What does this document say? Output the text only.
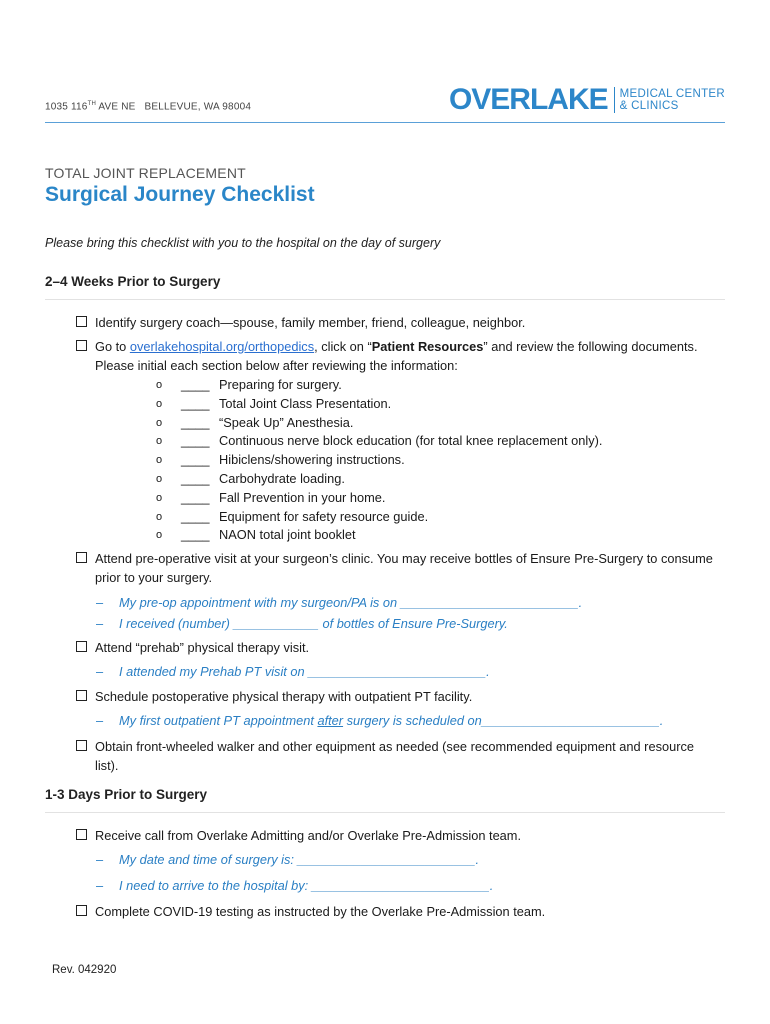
1035 116TH AVE NE   BELLEVUE, WA 98004	OVERLAKE MEDICAL CENTER
& CLINICS
TOTAL JOINT REPLACEMENT
Surgical Journey Checklist
Please bring this checklist with you to the hospital on the day of surgery
2–4 Weeks Prior to Surgery
Identify surgery coach—spouse, family member, friend, colleague, neighbor.
Go to overlakehospital.org/orthopedics, click on “Patient Resources” and review the following documents. Please initial each section below after reviewing the information:
o	____ Preparing for surgery.
o	____ Total Joint Class Presentation.
o	____ “Speak Up” Anesthesia.
o	____ Continuous nerve block education (for total knee replacement only).
o	____ Hibiclens/showering instructions.
o	____ Carbohydrate loading.
o	____ Fall Prevention in your home.
o	____ Equipment for safety resource guide.
o	____ NAON total joint booklet
Attend pre-operative visit at your surgeon’s clinic. You may receive bottles of Ensure Pre-Surgery to consume prior to your surgery.
– My pre-op appointment with my surgeon/PA is on _________________________.
– I received (number) ____________ of bottles of Ensure Pre-Surgery.
Attend “prehab” physical therapy visit.
– I attended my Prehab PT visit on _________________________.
Schedule postoperative physical therapy with outpatient PT facility.
– My first outpatient PT appointment after surgery is scheduled on_________________________.
Obtain front-wheeled walker and other equipment as needed (see recommended equipment and resource list).
1-3 Days Prior to Surgery
Receive call from Overlake Admitting and/or Overlake Pre-Admission team.
– My date and time of surgery is: _________________________.
– I need to arrive to the hospital by: _________________________.
Complete COVID-19 testing as instructed by the Overlake Pre-Admission team.
Rev. 042920
